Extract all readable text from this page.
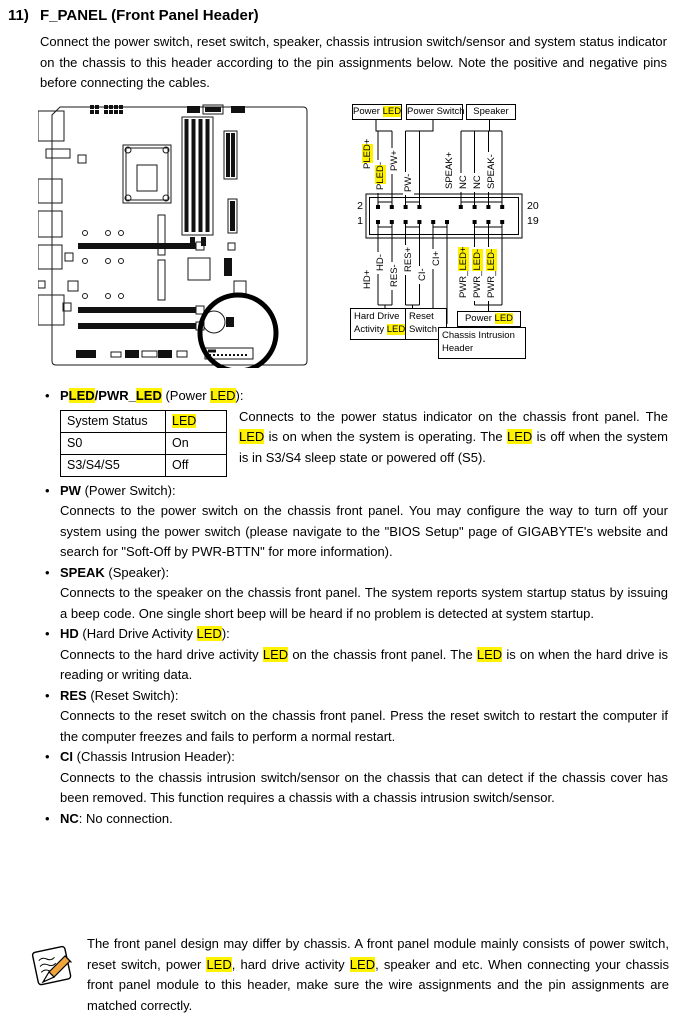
11) F_PANEL (Front Panel Header)

Connect the power switch, reset switch, speaker, chassis intrusion switch/sensor and system status indicator on the chassis to this header according to the pin assignments below. Note the positive and negative pins before connecting the cables.

Power LED Power Switch Speaker
2
1
20
19
PLED+
PLED- PW+
PW-	SPEAK+ NC NC SPEAK-
HD+
HD-
RES-
RES+
CI-
CI+
PWR_LED+
PWR_LED-
PWR_LED-
Hard Drive
Activity LED
Reset
Switch
Power LED
Chassis Intrusion
Header
• PLED/PWR_LED (Power LED):
System Status	LED
S0	On
S3/S4/S5	Off
Connects to the power status indicator on the chassis front panel. The LED is on when the system is operating. The LED is off when the system is in S3/S4 sleep state or powered off (S5).
• PW (Power Switch):
Connects to the power switch on the chassis front panel. You may configure the way to turn off your system using the power switch (please navigate to the "BIOS Setup" page of GIGABYTE's website and search for "Soft-Off by PWR-BTTN" for more information).
• SPEAK (Speaker):
Connects to the speaker on the chassis front panel. The system reports system startup status by issuing a beep code. One single short beep will be heard if no problem is detected at system startup.
• HD (Hard Drive Activity LED):
Connects to the hard drive activity LED on the chassis front panel. The LED is on when the hard drive is reading or writing data.
• RES (Reset Switch):
Connects to the reset switch on the chassis front panel. Press the reset switch to restart the computer if the computer freezes and fails to perform a normal restart.
• CI (Chassis Intrusion Header):
Connects to the chassis intrusion switch/sensor on the chassis that can detect if the chassis cover has been removed. This function requires a chassis with a chassis intrusion switch/sensor.
• NC: No connection.

The front panel design may differ by chassis. A front panel module mainly consists of power switch, reset switch, power LED, hard drive activity LED, speaker and etc. When connecting your chassis front panel module to this header, make sure the wire assignments and the pin assignments are matched correctly.
